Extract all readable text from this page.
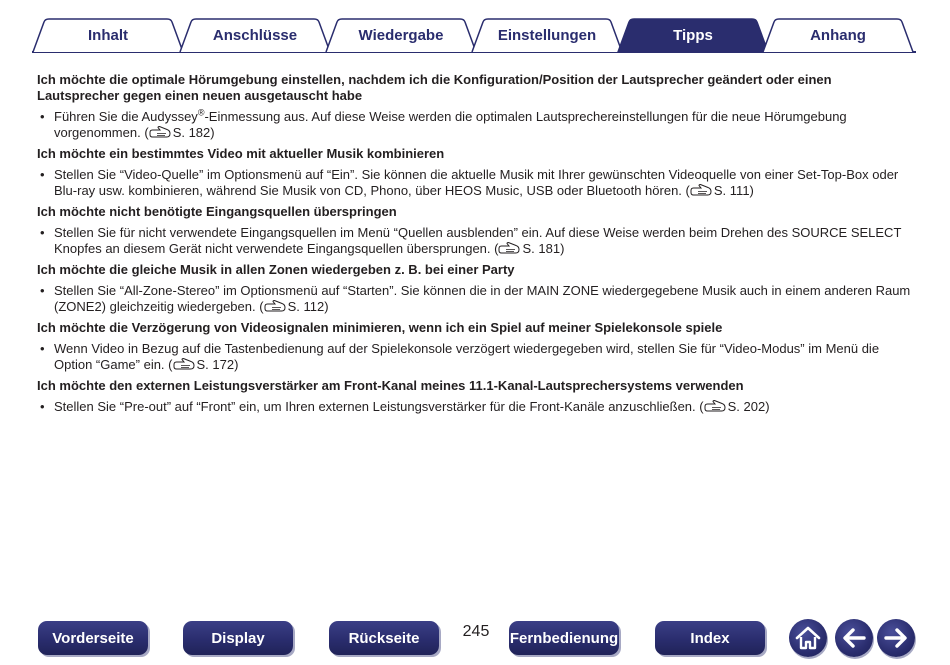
Inhalt	Anschlüsse	Wiedergabe	Einstellungen	Tipps	Anhang
Ich möchte die optimale Hörumgebung einstellen, nachdem ich die Konfiguration/Position der Lautsprecher geändert oder einen Lautsprecher gegen einen neuen ausgetauscht habe
• Führen Sie die Audyssey®-Einmessung aus. Auf diese Weise werden die optimalen Lautsprechereinstellungen für die neue Hörumgebung vorgenommen. ( S. 182)
Ich möchte ein bestimmtes Video mit aktueller Musik kombinieren
• Stellen Sie “Video-Quelle” im Optionsmenü auf “Ein”. Sie können die aktuelle Musik mit Ihrer gewünschten Videoquelle von einer Set-Top-Box oder Blu-ray usw. kombinieren, während Sie Musik von CD, Phono, über HEOS Music, USB oder Bluetooth hören. ( S. 111)
Ich möchte nicht benötigte Eingangsquellen überspringen
• Stellen Sie für nicht verwendete Eingangsquellen im Menü “Quellen ausblenden” ein. Auf diese Weise werden beim Drehen des SOURCE SELECT Knopfes an diesem Gerät nicht verwendete Eingangsquellen übersprungen. ( S. 181)
Ich möchte die gleiche Musik in allen Zonen wiedergeben z. B. bei einer Party
• Stellen Sie “All-Zone-Stereo” im Optionsmenü auf “Starten”. Sie können die in der MAIN ZONE wiedergegebene Musik auch in einem anderen Raum (ZONE2) gleichzeitig wiedergeben. ( S. 112)
Ich möchte die Verzögerung von Videosignalen minimieren, wenn ich ein Spiel auf meiner Spielekonsole spiele
• Wenn Video in Bezug auf die Tastenbedienung auf der Spielekonsole verzögert wiedergegeben wird, stellen Sie für “Video-Modus” im Menü die Option “Game” ein. ( S. 172)
Ich möchte den externen Leistungsverstärker am Front-Kanal meines 11.1-Kanal-Lautsprechersystems verwenden
• Stellen Sie “Pre-out” auf “Front” ein, um Ihren externen Leistungsverstärker für die Front-Kanäle anzuschließen. ( S. 202)
Vorderseite	Display	Rückseite	245	Fernbedienung	Index
